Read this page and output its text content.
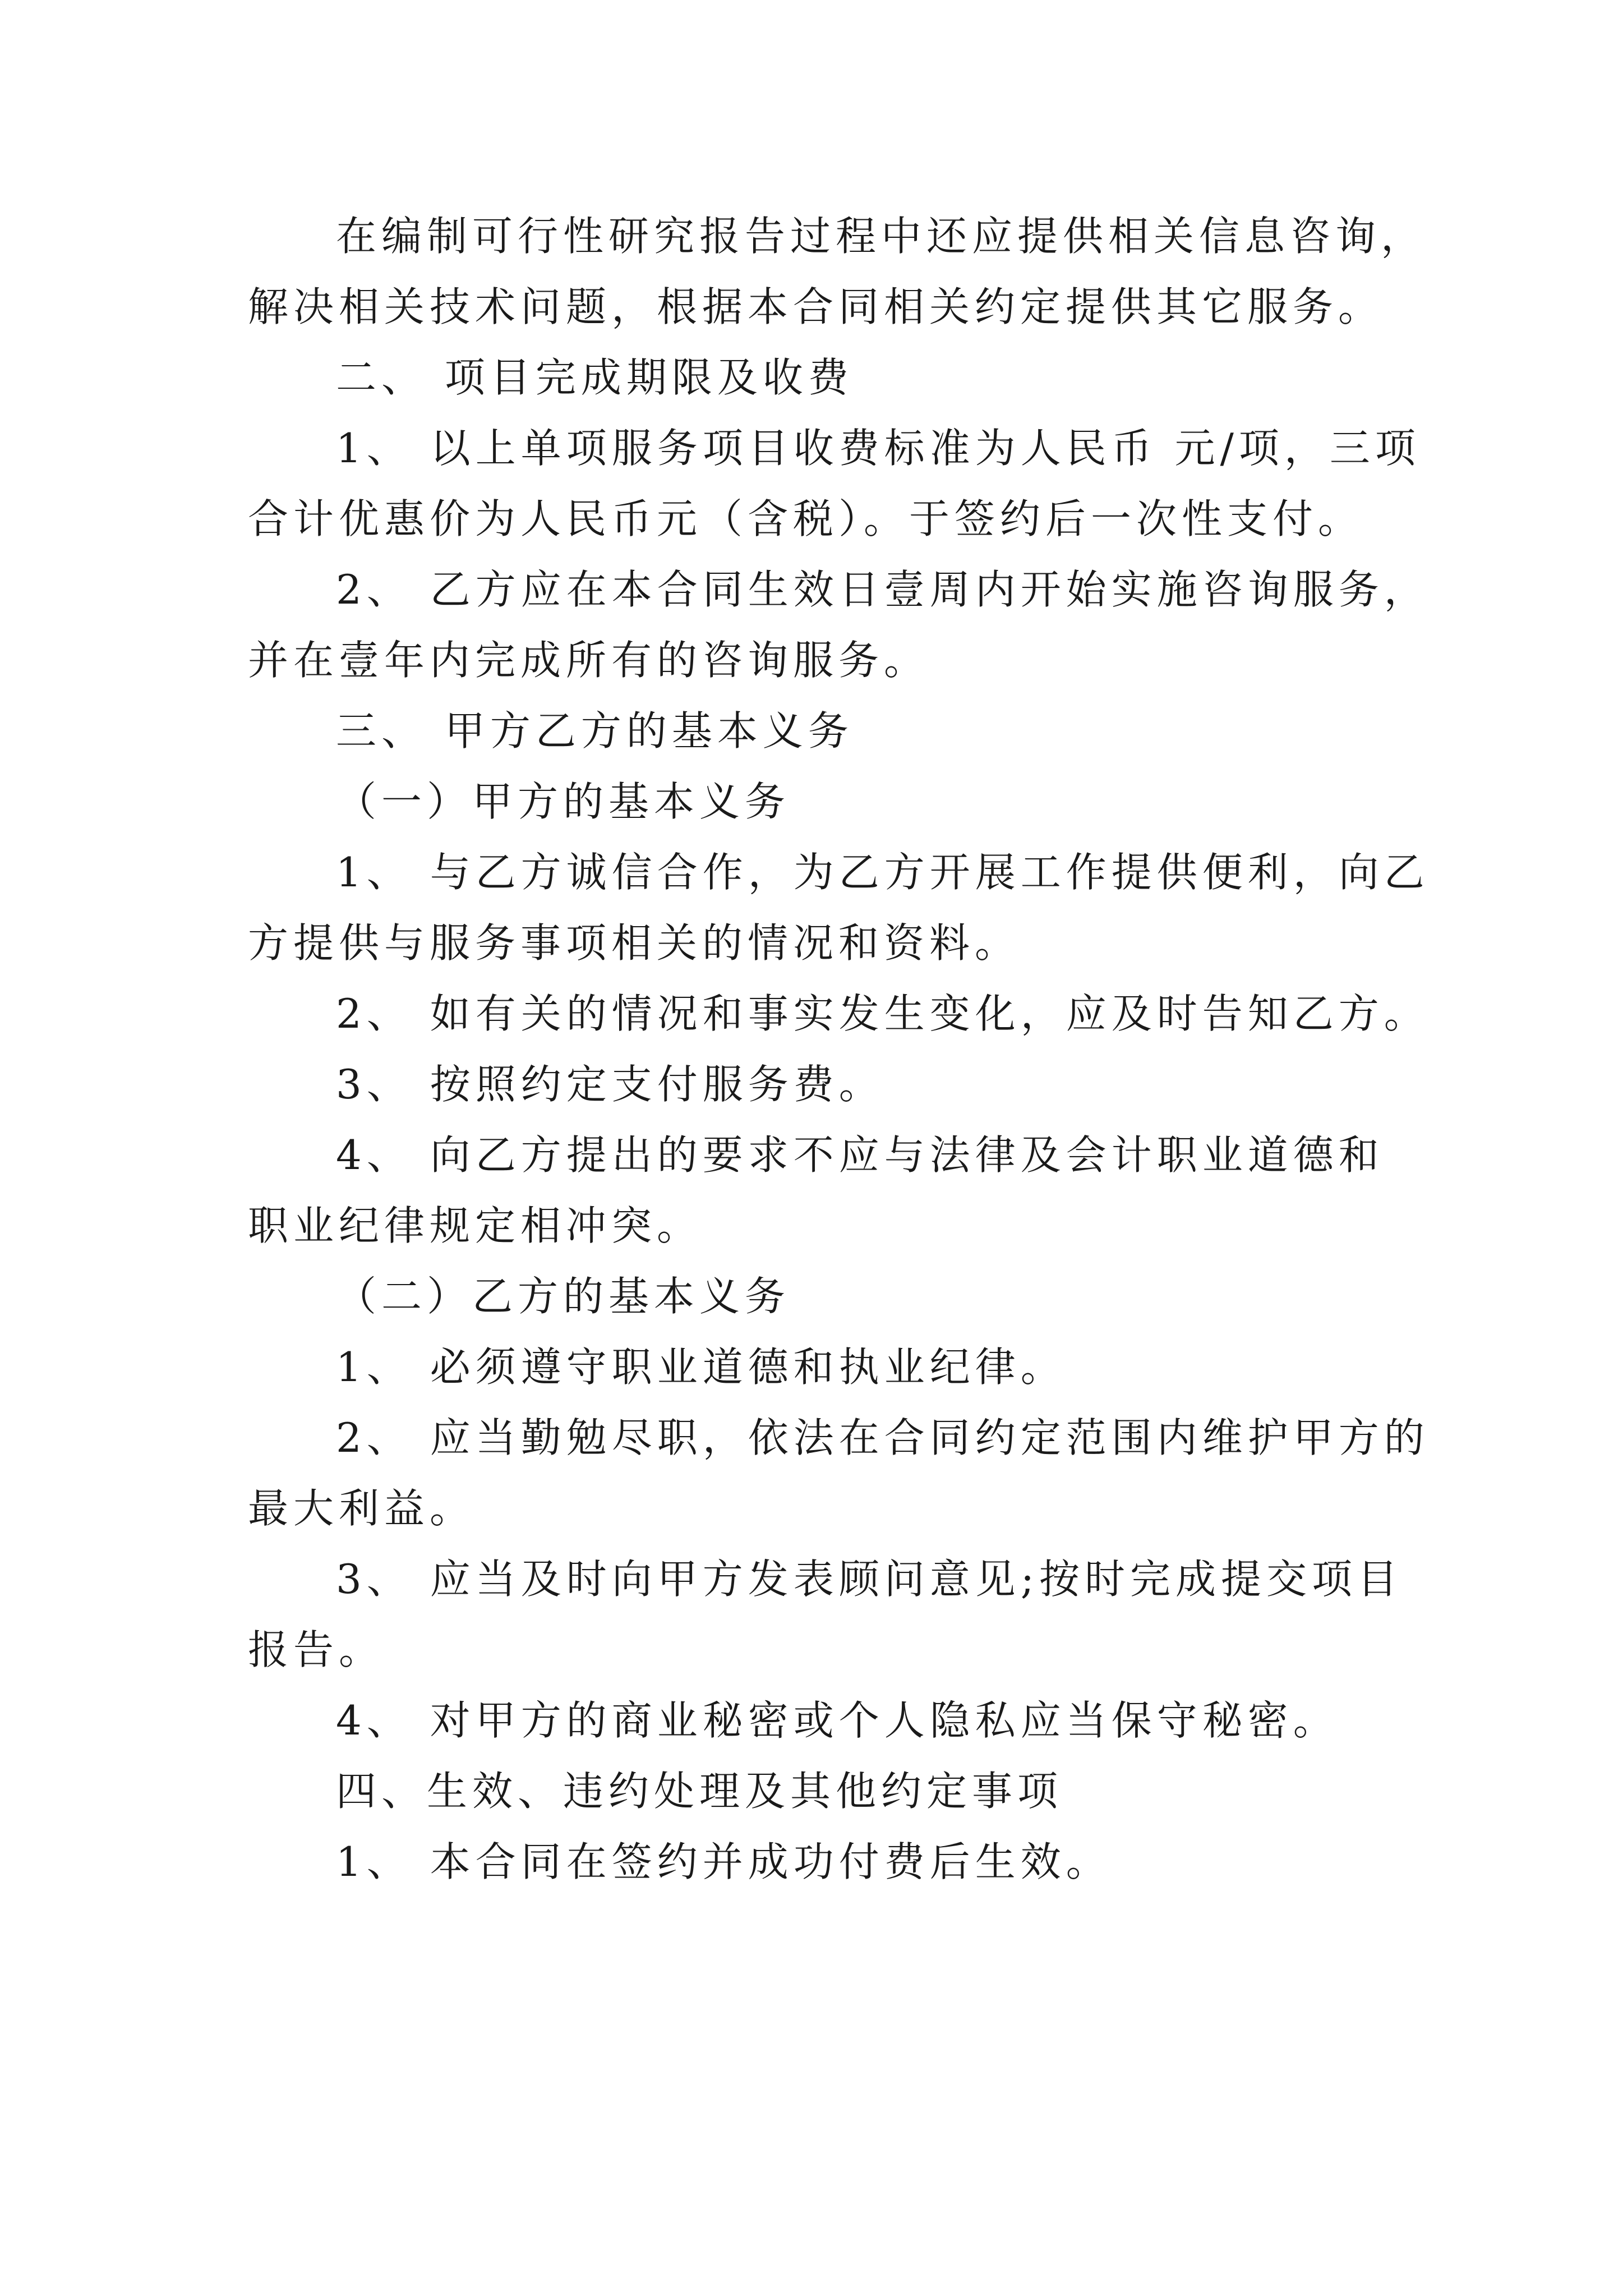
在编制可行性研究报告过程中还应提供相关信息咨询，

解决相关技术问题，根据本合同相关约定提供其它服务。

二、 项目完成期限及收费

1、 以上单项服务项目收费标准为人民币 元/项，三项

合计优惠价为人民币元（含税）。于签约后一次性支付。

2、 乙方应在本合同生效日壹周内开始实施咨询服务，

并在壹年内完成所有的咨询服务。

三、 甲方乙方的基本义务

（一）甲方的基本义务

1、 与乙方诚信合作，为乙方开展工作提供便利，向乙

方提供与服务事项相关的情况和资料。

2、 如有关的情况和事实发生变化，应及时告知乙方。

3、 按照约定支付服务费。

4、 向乙方提出的要求不应与法律及会计职业道德和

职业纪律规定相冲突。

（二）乙方的基本义务

1、 必须遵守职业道德和执业纪律。

2、 应当勤勉尽职，依法在合同约定范围内维护甲方的

最大利益。

3、 应当及时向甲方发表顾问意见;按时完成提交项目

报告。

4、 对甲方的商业秘密或个人隐私应当保守秘密。

四、生效、违约处理及其他约定事项

1、 本合同在签约并成功付费后生效。
